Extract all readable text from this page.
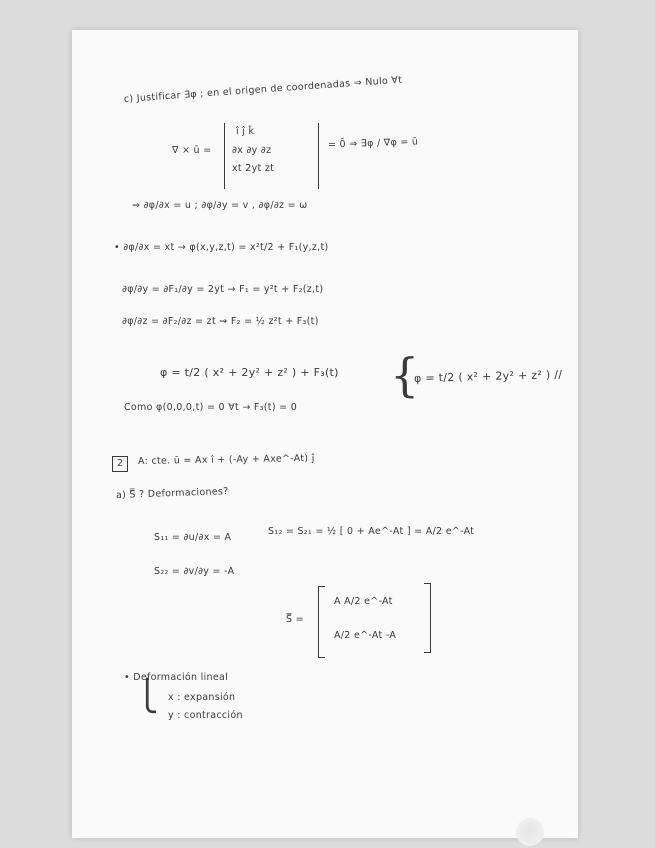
c) Justificar ∃φ ; en el origen de coordenadas ⇒ Nulo ∀t
∇ × ū =
î ĵ k̂
∂x ∂y ∂z
xt 2yt zt
= 0̄ ⇒ ∃φ / ∇φ = ū
⇒ ∂φ/∂x = u ; ∂φ/∂y = v , ∂φ/∂z = ω
• ∂φ/∂x = xt → φ(x,y,z,t) = x²t/2 + F₁(y,z,t)
∂φ/∂y = ∂F₁/∂y = 2yt → F₁ = y²t + F₂(z,t)
∂φ/∂z = ∂F₂/∂z = zt ⇝ F₂ = ½ z²t + F₃(t)
φ = t/2 ( x² + 2y² + z² ) + F₃(t)
Como φ(0,0,0,t) = 0 ∀t → F₃(t) = 0
{
φ = t/2 ( x² + 2y² + z² ) //
2	A: cte. ū = Ax î + (-Ay + Axe^-At) ĵ
a) S̿ ? Deformaciones?
S₁₁ = ∂u/∂x = A
S₁₂ = S₂₁ = ½ [ 0 + Ae^-At ] = A/2 e^-At
S₂₂ = ∂v/∂y = -A
S̿ =
A A/2 e^-At
A/2 e^-At -A
• Deformación lineal
⎩ x : expansión
y : contracción
